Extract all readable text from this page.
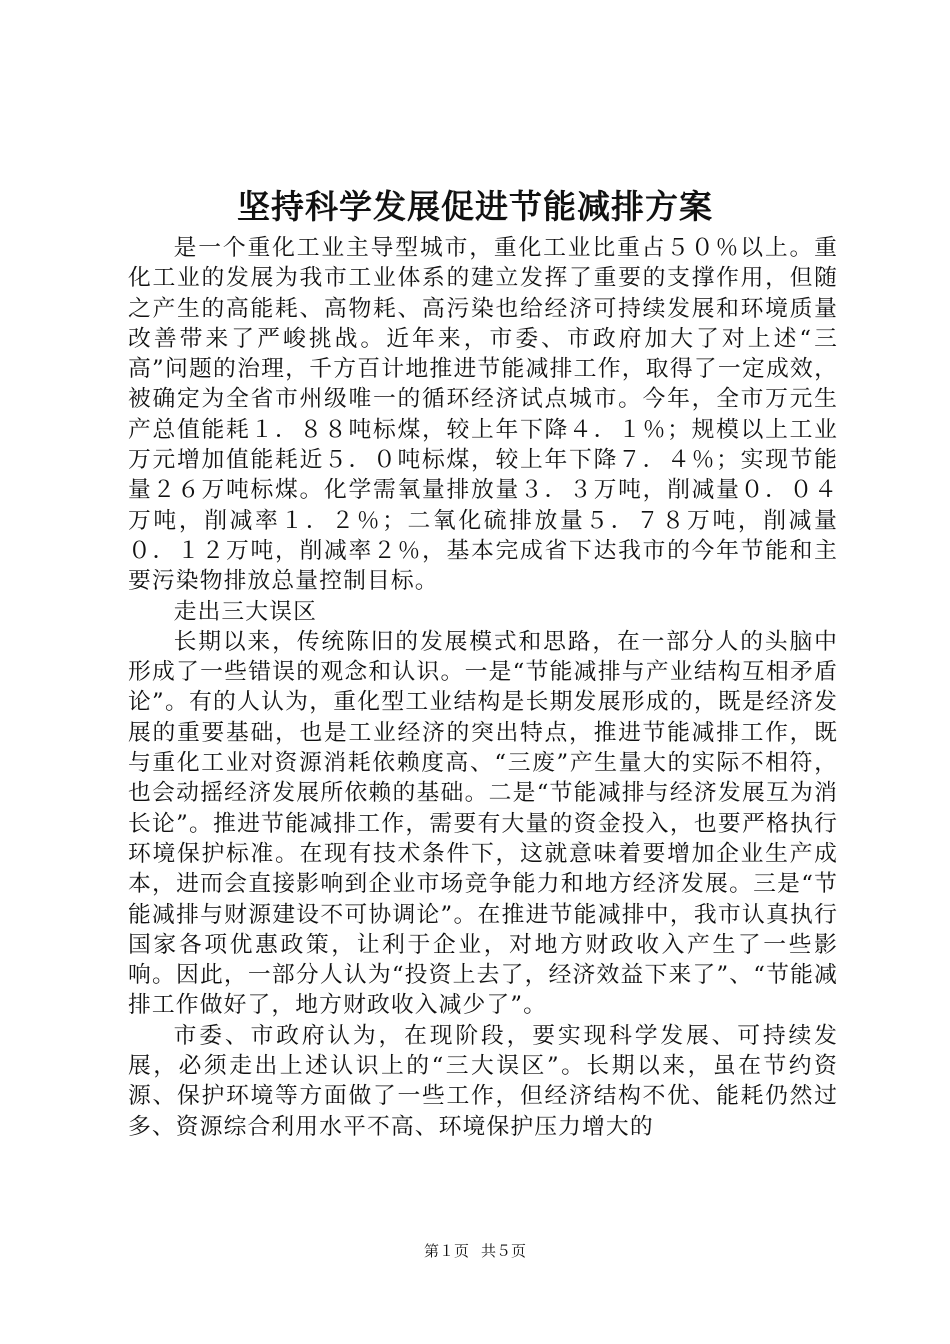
坚持科学发展促进节能减排方案

是一个重化工业主导型城市，重化工业比重占５０％以上。重化工业的发展为我市工业体系的建立发挥了重要的支撑作用，但随之产生的高能耗、高物耗、高污染也给经济可持续发展和环境质量改善带来了严峻挑战。近年来，市委、市政府加大了对上述“三高”问题的治理，千方百计地推进节能减排工作，取得了一定成效，被确定为全省市州级唯一的循环经济试点城市。今年，全市万元生产总值能耗１．８８吨标煤，较上年下降４．１％；规模以上工业万元增加值能耗近５．０吨标煤，较上年下降７．４％；实现节能量２６万吨标煤。化学需氧量排放量３．３万吨，削减量０．０４万吨，削减率１．２％；二氧化硫排放量５．７８万吨，削减量０．１２万吨，削减率２％，基本完成省下达我市的今年节能和主要污染物排放总量控制目标。

走出三大误区

长期以来，传统陈旧的发展模式和思路，在一部分人的头脑中形成了一些错误的观念和认识。一是“节能减排与产业结构互相矛盾论”。有的人认为，重化型工业结构是长期发展形成的，既是经济发展的重要基础，也是工业经济的突出特点，推进节能减排工作，既与重化工业对资源消耗依赖度高、“三废”产生量大的实际不相符，也会动摇经济发展所依赖的基础。二是“节能减排与经济发展互为消长论”。推进节能减排工作，需要有大量的资金投入，也要严格执行环境保护标准。在现有技术条件下，这就意味着要增加企业生产成本，进而会直接影响到企业市场竞争能力和地方经济发展。三是“节能减排与财源建设不可协调论”。在推进节能减排中，我市认真执行国家各项优惠政策，让利于企业，对地方财政收入产生了一些影响。因此，一部分人认为“投资上去了，经济效益下来了”、“节能减排工作做好了，地方财政收入减少了”。

市委、市政府认为，在现阶段，要实现科学发展、可持续发展，必须走出上述认识上的“三大误区”。长期以来，虽在节约资源、保护环境等方面做了一些工作，但经济结构不优、能耗仍然过多、资源综合利用水平不高、环境保护压力增大的

第１页 共５页
